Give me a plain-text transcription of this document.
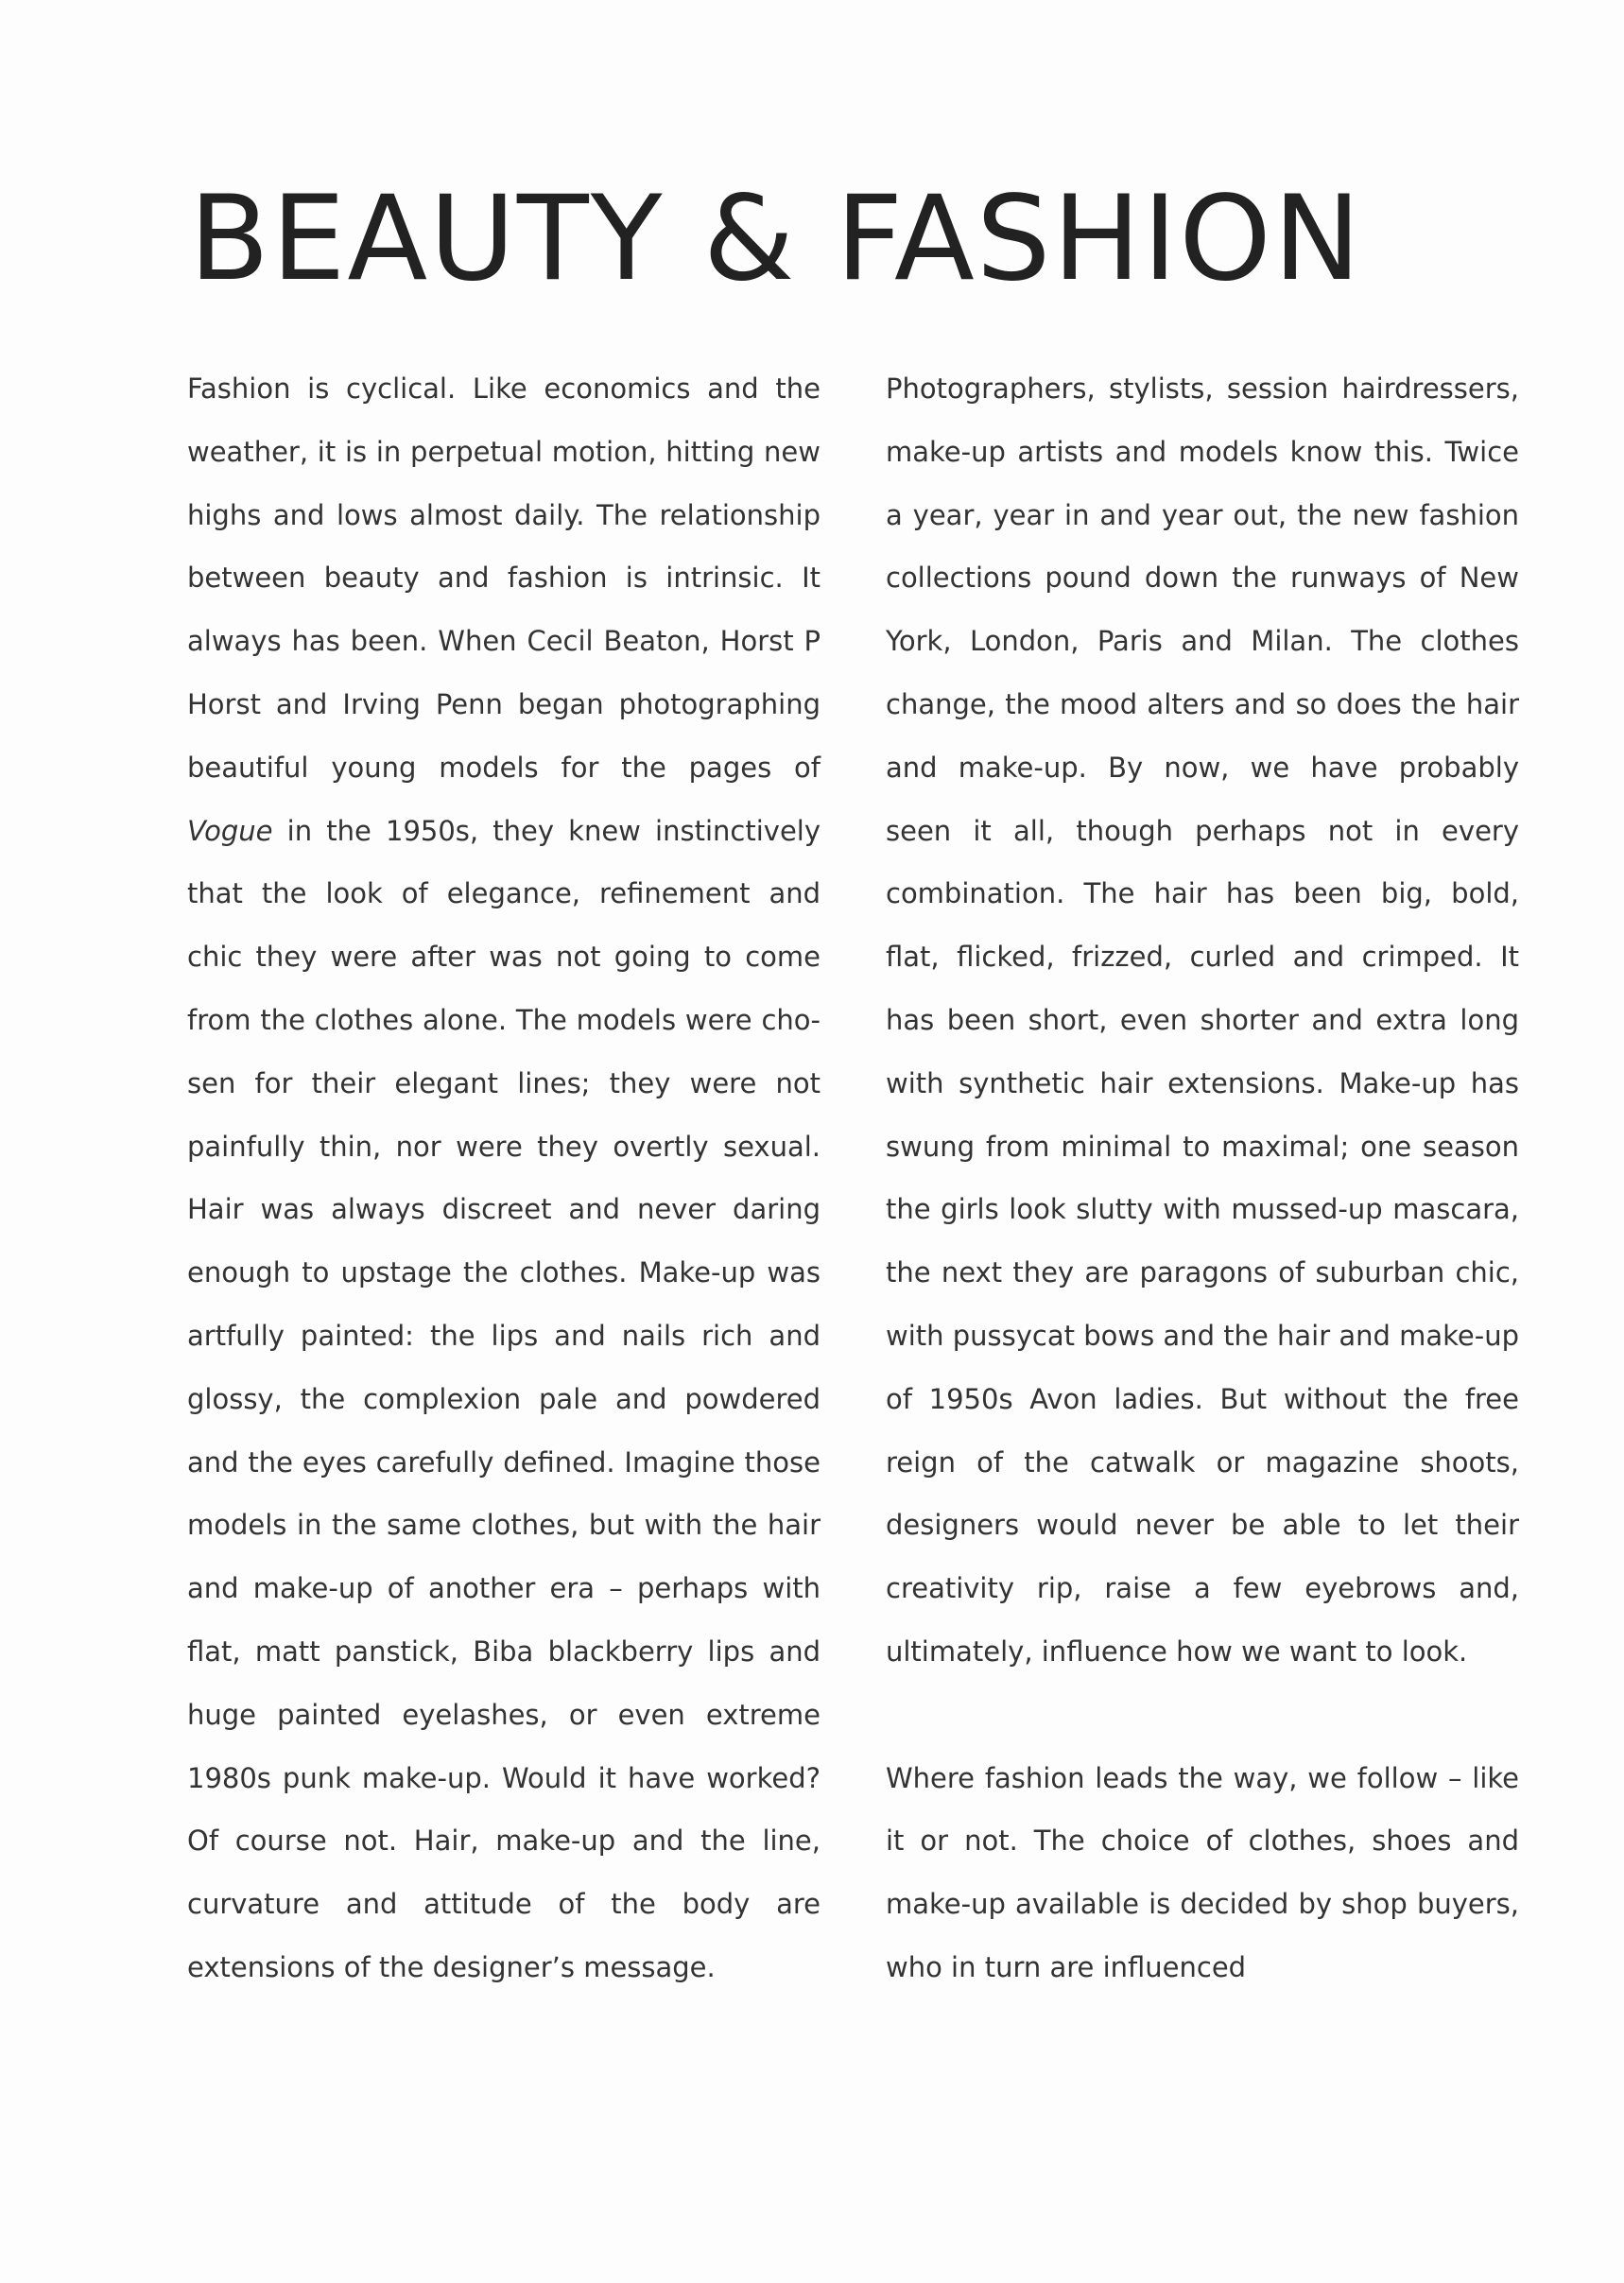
BEAUTY & FASHION

Fashion is cyclical. Like economics and the weather, it is in perpetual motion, hitting new highs and lows almost daily. The relationship between beauty and fashion is intrinsic. It always has been. When Cecil Beaton, Horst P Horst and Irving Penn began photographing beautiful young models for the pages of Vogue in the 1950s, they knew instinctively that the look of elegance, refinement and chic they were after was not going to come from the clothes alone. The models were chosen for their elegant lines; they were not painfully thin, nor were they overtly sexual. Hair was always discreet and never daring enough to upstage the clothes. Make-up was artfully painted: the lips and nails rich and glossy, the complexion pale and powdered and the eyes carefully defined. Imagine those models in the same clothes, but with the hair and make-up of another era – perhaps with flat, matt panstick, Biba blackberry lips and huge painted eyelashes, or even extreme 1980s punk make-up. Would it have worked? Of course not. Hair, make-up and the line, curvature and attitude of the body are extensions of the designer’s message.

Photographers, stylists, session hairdressers, make-up artists and models know this. Twice a year, year in and year out, the new fashion collections pound down the runways of New York, London, Paris and Milan. The clothes change, the mood alters and so does the hair and make-up. By now, we have probably seen it all, though perhaps not in every combination. The hair has been big, bold, flat, flicked, frizzed, curled and crimped. It has been short, even shorter and extra long with synthetic hair extensions. Make-up has swung from minimal to maximal; one season the girls look slutty with mussed-up mascara, the next they are paragons of suburban chic, with pussycat bows and the hair and make-up of 1950s Avon ladies. But without the free reign of the catwalk or magazine shoots, designers would never be able to let their creativity rip, raise a few eyebrows and, ultimately, influence how we want to look.

Where fashion leads the way, we follow – like it or not. The choice of clothes, shoes and make-up available is decided by shop buyers, who in turn are influenced
